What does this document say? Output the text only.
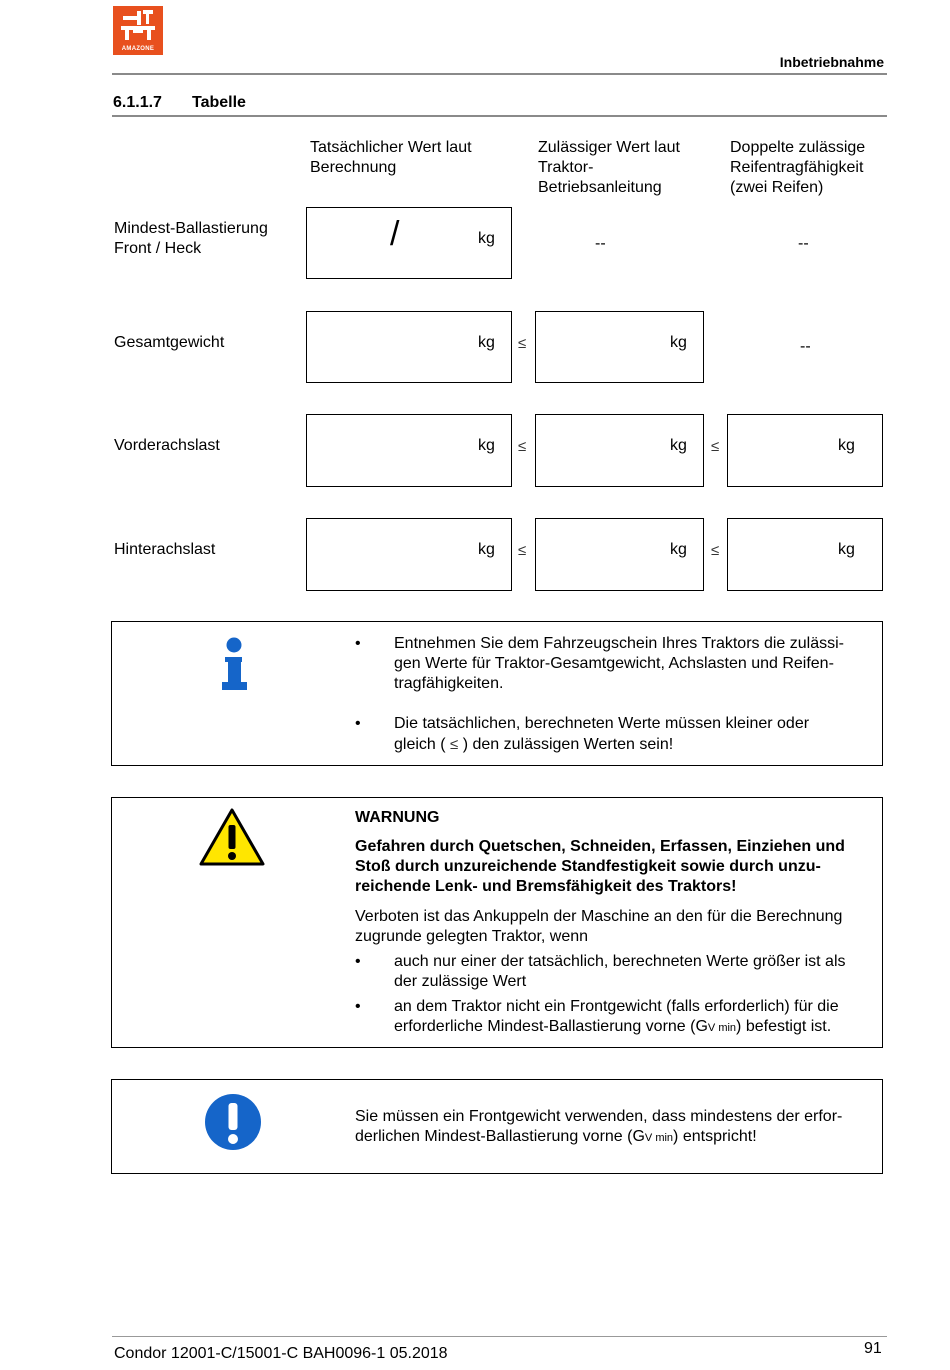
AMAZONE
Inbetriebnahme
6.1.1.7 Tabelle
Tatsächlicher Wert laut
Berechnung
Zulässiger Wert laut
Traktor-
Betriebsanleitung
Doppelte zulässige
Reifentragfähigkeit
(zwei Reifen)
Mindest-Ballastierung
Front / Heck	/	kg	--	--
Gesamtgewicht	kg ≤	kg	--
Vorderachslast	kg ≤	kg ≤	kg
Hinterachslast	kg ≤	kg ≤	kg
• Entnehmen Sie dem Fahrzeugschein Ihres Traktors die zulässi-
gen Werte für Traktor-Gesamtgewicht, Achslasten und Reifen-
tragfähigkeiten.
• Die tatsächlichen, berechneten Werte müssen kleiner oder
gleich ( ≤ ) den zulässigen Werten sein!
WARNUNG
Gefahren durch Quetschen, Schneiden, Erfassen, Einziehen und
Stoß durch unzureichende Standfestigkeit sowie durch unzu-
reichende Lenk- und Bremsfähigkeit des Traktors!
Verboten ist das Ankuppeln der Maschine an den für die Berechnung
zugrunde gelegten Traktor, wenn
• auch nur einer der tatsächlich, berechneten Werte größer ist als
der zulässige Wert
• an dem Traktor nicht ein Frontgewicht (falls erforderlich) für die
erforderliche Mindest-Ballastierung vorne (GV min) befestigt ist.
Sie müssen ein Frontgewicht verwenden, dass mindestens der erfor-
derlichen Mindest-Ballastierung vorne (GV min) entspricht!
Condor 12001-C/15001-C BAH0096-1 05.2018	91
